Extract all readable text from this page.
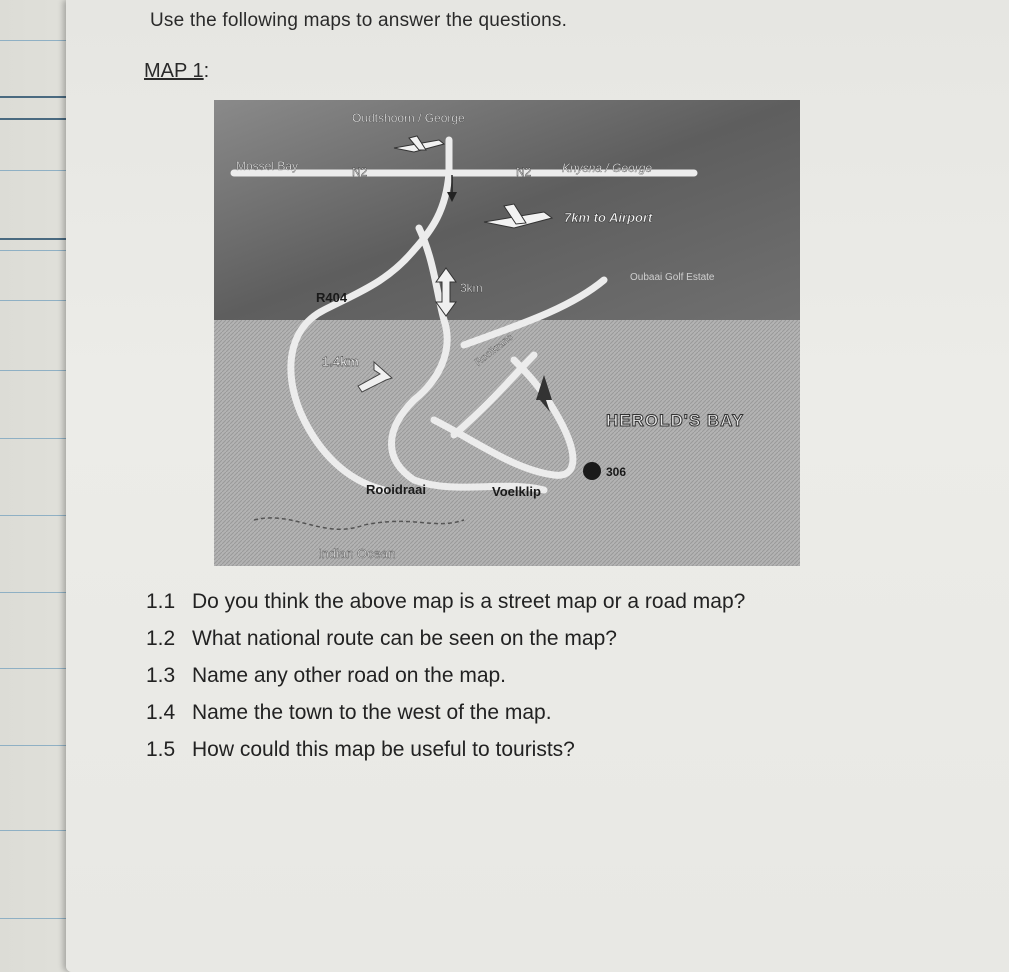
Use the following maps to answer the questions.
MAP 1:
Oudtshoorn / George
Mossel Bay	N2	N2	Knysna / George
7km to Airport
Oubaai Golf Estate
3km
R404
1.4km	Rooikrans
HEROLD'S BAY
306
Rooidraai	Voelklip
Indian Ocean
1.1 Do you think the above map is a street map or a road map?
1.2 What national route can be seen on the map?
1.3 Name any other road on the map.
1.4 Name the town to the west of the map.
1.5 How could this map be useful to tourists?
